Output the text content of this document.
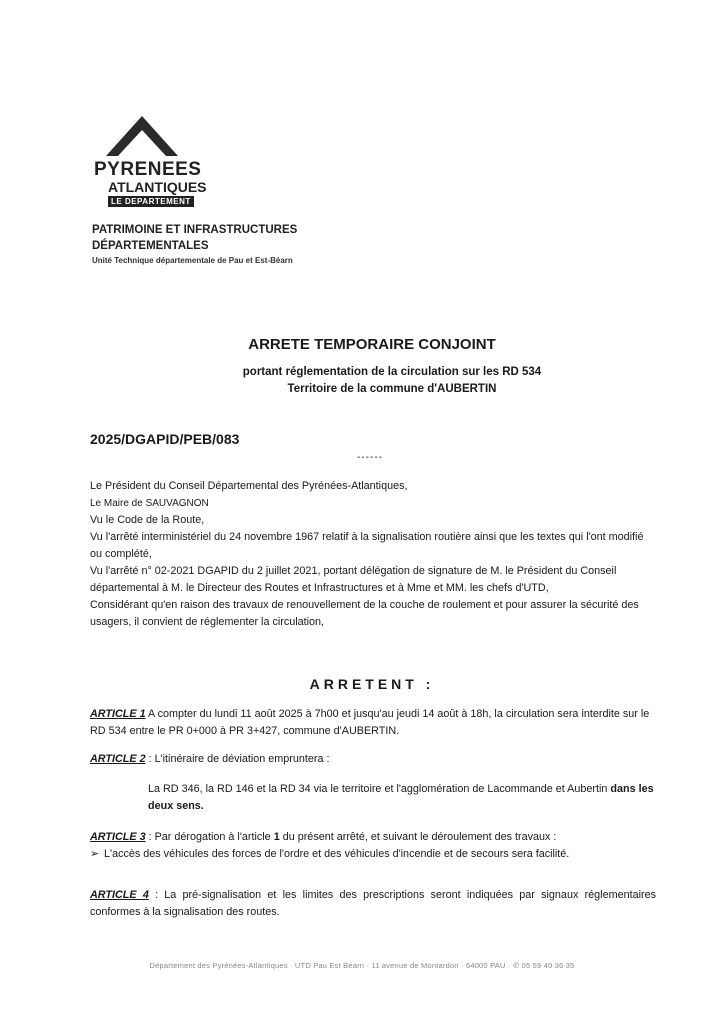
PYRENEES
ATLANTIQUES
LE DEPARTEMENT
PATRIMOINE ET INFRASTRUCTURES
DÉPARTEMENTALES
Unité Technique départementale de Pau et Est-Béarn
ARRETE TEMPORAIRE CONJOINT
portant réglementation de la circulation sur les RD 534
Territoire de la commune d'AUBERTIN
2025/DGAPID/PEB/083
------

Le Président du Conseil Départemental des Pyrénées-Atlantiques,

Le Maire de SAUVAGNON

Vu le Code de la Route,

Vu l'arrêté interministériel du 24 novembre 1967 relatif à la signalisation routière ainsi que les textes qui l'ont modifié ou complété,

Vu l'arrêté n° 02-2021 DGAPID du 2 juillet 2021, portant délégation de signature de M. le Président du Conseil départemental à M. le Directeur des Routes et Infrastructures et à Mme et MM. les chefs d'UTD,

Considérant qu'en raison des travaux de renouvellement de la couche de roulement et pour assurer la sécurité des usagers, il convient de réglementer la circulation,

ARRETENT :

ARTICLE 1 A compter du lundi 11 août 2025 à 7h00 et jusqu'au jeudi 14 août à 18h, la circulation sera interdite sur le RD 534 entre le PR 0+000 à PR 3+427, commune d'AUBERTIN.

ARTICLE 2 : L'itinéraire de déviation empruntera :

La RD 346, la RD 146 et la RD 34 via le territoire et l'agglomération de Lacommande et Aubertin dans les deux sens.

ARTICLE 3 : Par dérogation à l'article 1 du présent arrêté, et suivant le déroulement des travaux :

➢ L'accès des véhicules des forces de l'ordre et des véhicules d'incendie et de secours sera facilité.

ARTICLE 4 : La pré-signalisation et les limites des prescriptions seront indiquées par signaux réglementaires conformes à la signalisation des routes.

Département des Pyrénées-Atlantiques · UTD Pau Est Béarn · 11 avenue de Montardon · 64000 PAU · ✆ 05 59 40 36 35
